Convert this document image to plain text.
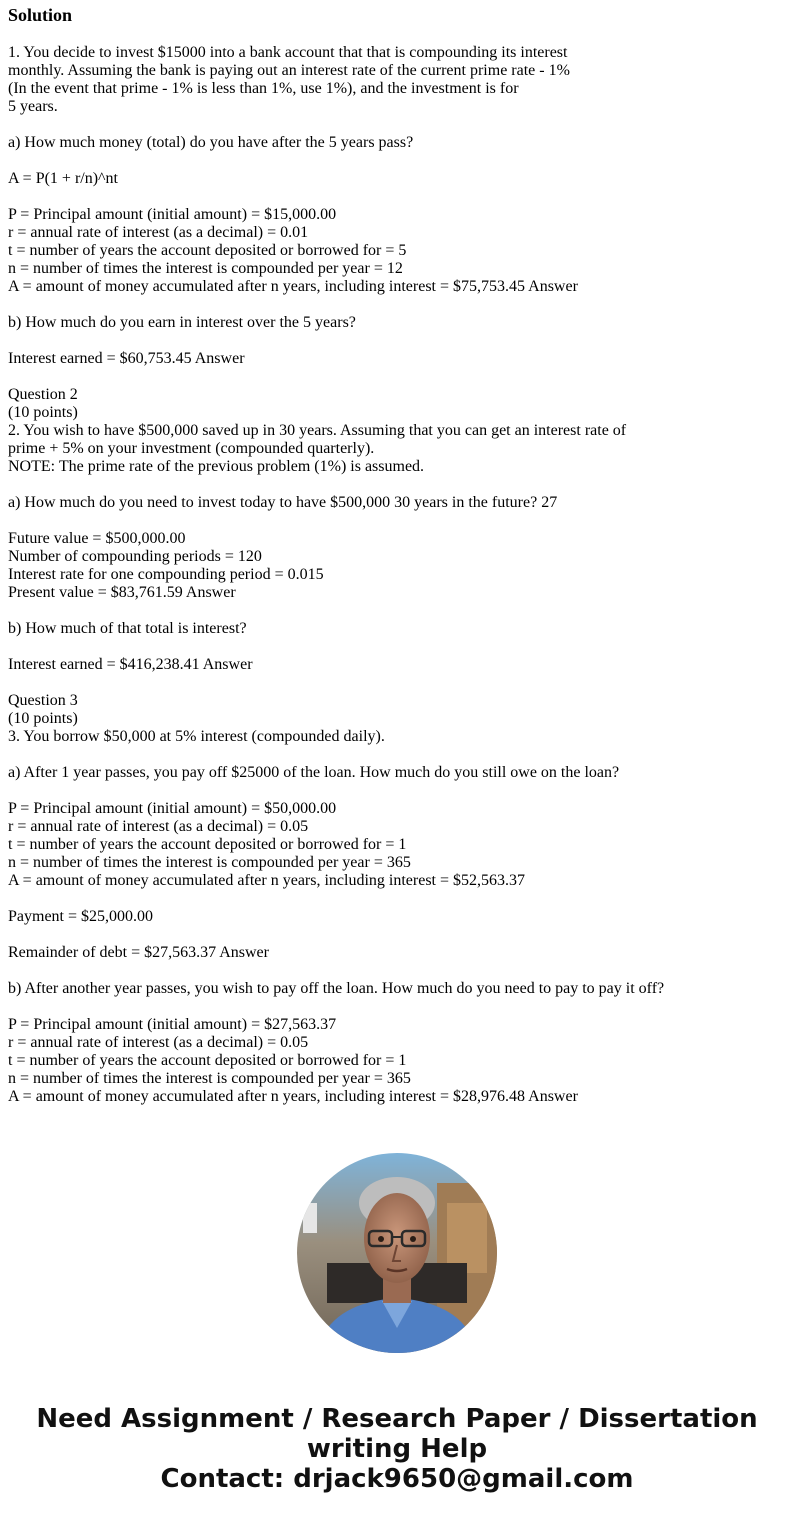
Solution
1. You decide to invest $15000 into a bank account that that is compounding its interest
monthly. Assuming the bank is paying out an interest rate of the current prime rate - 1%
(In the event that prime - 1% is less than 1%, use 1%), and the investment is for
5 years.
a) How much money (total) do you have after the 5 years pass?
A = P(1 + r/n)^nt
P = Principal amount (initial amount) = $15,000.00
r = annual rate of interest (as a decimal) = 0.01
t = number of years the account deposited or borrowed for = 5
n = number of times the interest is compounded per year = 12
A = amount of money accumulated after n years, including interest = $75,753.45 Answer
b) How much do you earn in interest over the 5 years?
Interest earned = $60,753.45 Answer
Question 2
(10 points)
2. You wish to have $500,000 saved up in 30 years. Assuming that you can get an interest rate of
prime + 5% on your investment (compounded quarterly).
NOTE: The prime rate of the previous problem (1%) is assumed.
a) How much do you need to invest today to have $500,000 30 years in the future? 27
Future value = $500,000.00
Number of compounding periods = 120
Interest rate for one compounding period = 0.015
Present value = $83,761.59 Answer
b) How much of that total is interest?
Interest earned = $416,238.41 Answer
Question 3
(10 points)
3. You borrow $50,000 at 5% interest (compounded daily).
a) After 1 year passes, you pay off $25000 of the loan. How much do you still owe on the loan?
P = Principal amount (initial amount) = $50,000.00
r = annual rate of interest (as a decimal) = 0.05
t = number of years the account deposited or borrowed for = 1
n = number of times the interest is compounded per year = 365
A = amount of money accumulated after n years, including interest = $52,563.37
Payment = $25,000.00
Remainder of debt = $27,563.37 Answer
b) After another year passes, you wish to pay off the loan. How much do you need to pay to pay it off?
P = Principal amount (initial amount) = $27,563.37
r = annual rate of interest (as a decimal) = 0.05
t = number of years the account deposited or borrowed for = 1
n = number of times the interest is compounded per year = 365
A = amount of money accumulated after n years, including interest = $28,976.48 Answer
Need Assignment / Research Paper / Dissertation
writing Help
Contact: drjack9650@gmail.com
